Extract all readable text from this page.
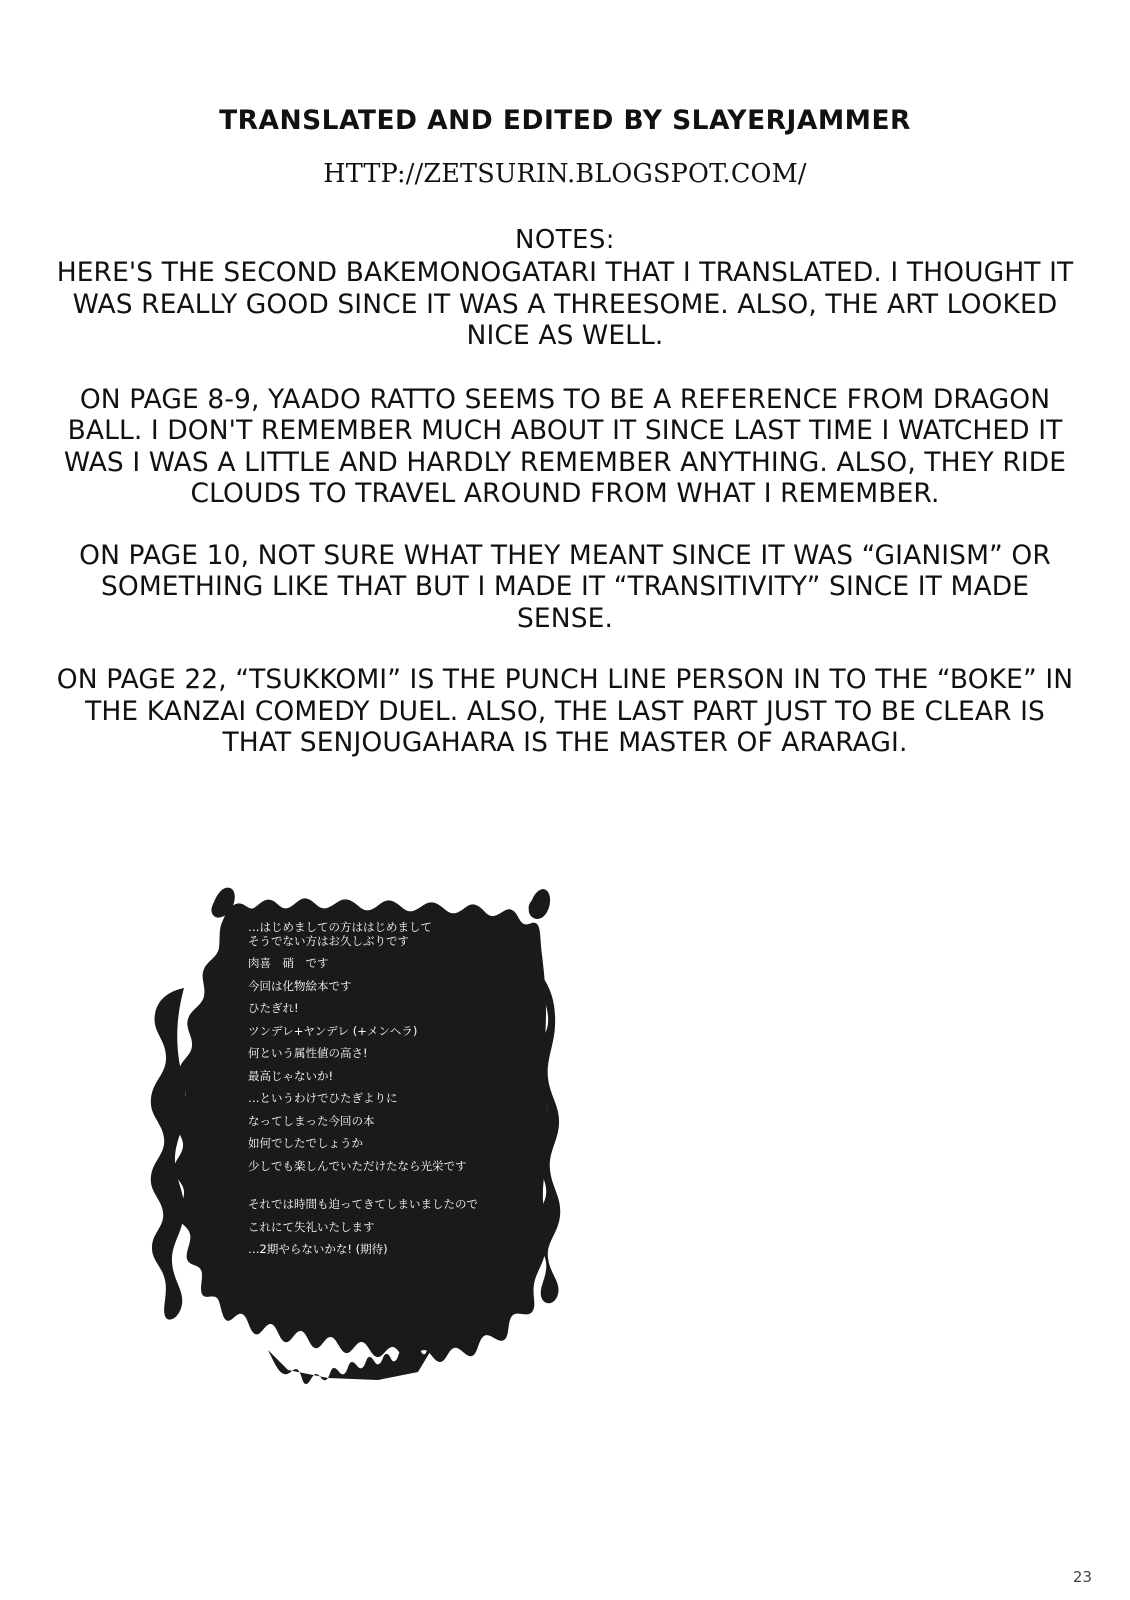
TRANSLATED AND EDITED BY SLAYERJAMMER

HTTP://ZETSURIN.BLOGSPOT.COM/

NOTES:

HERE'S THE SECOND BAKEMONOGATARI THAT I TRANSLATED. I THOUGHT IT WAS REALLY GOOD SINCE IT WAS A THREESOME. ALSO, THE ART LOOKED NICE AS WELL.

ON PAGE 8-9, YAADO RATTO SEEMS TO BE A REFERENCE FROM DRAGON BALL. I DON'T REMEMBER MUCH ABOUT IT SINCE LAST TIME I WATCHED IT WAS I WAS A LITTLE AND HARDLY REMEMBER ANYTHING. ALSO, THEY RIDE CLOUDS TO TRAVEL AROUND FROM WHAT I REMEMBER.

ON PAGE 10, NOT SURE WHAT THEY MEANT SINCE IT WAS “GIANISM” OR SOMETHING LIKE THAT BUT I MADE IT “TRANSITIVITY” SINCE IT MADE SENSE.

ON PAGE 22, “TSUKKOMI” IS THE PUNCH LINE PERSON IN TO THE “BOKE” IN THE KANZAI COMEDY DUEL. ALSO, THE LAST PART JUST TO BE CLEAR IS THAT SENJOUGAHARA IS THE MASTER OF ARARAGI.

…はじめましての方ははじめまして

そうでない方はお久しぶりです

肉喜　硝　です

今回は化物絵本です

ひたぎれ!

ツンデレ+ヤンデレ (+メンヘラ)

何という属性値の高さ!

最高じゃないか!

…というわけでひたぎよりに

なってしまった今回の本

如何でしたでしょうか

少しでも楽しんでいただけたなら光栄です

それでは時間も迫ってきてしまいましたので

これにて失礼いたします

…2期やらないかな! (期待)

23
